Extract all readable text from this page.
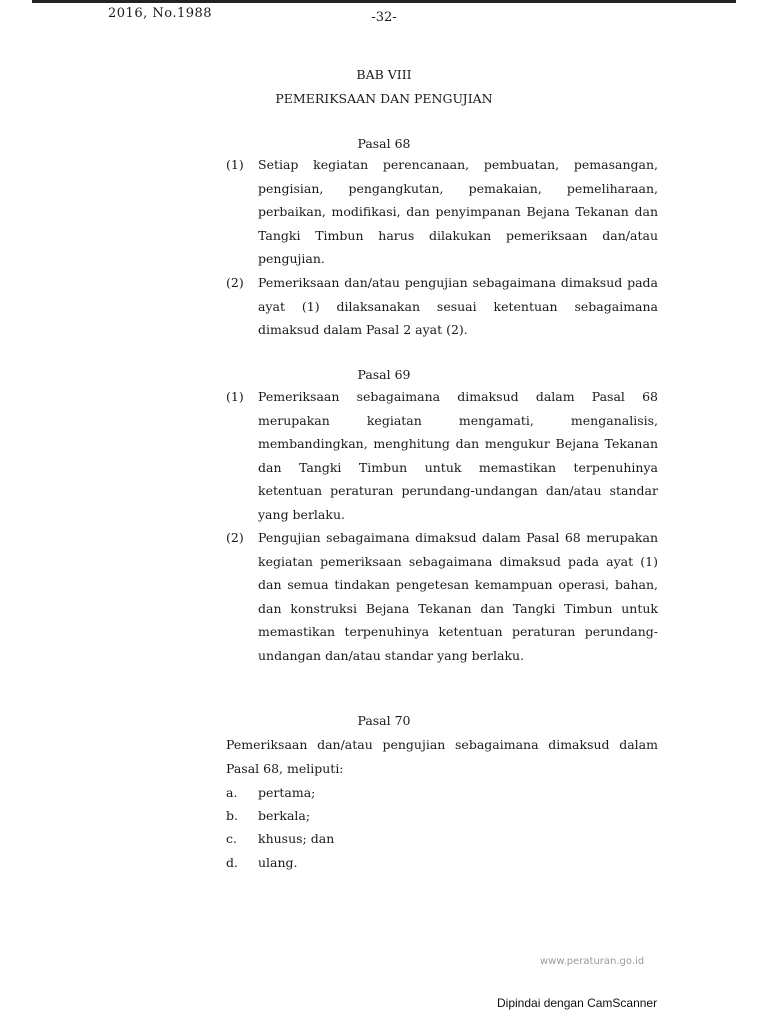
2016, No.1988	-32-
BAB VIII
PEMERIKSAAN DAN PENGUJIAN
Pasal 68
(1) Setiap kegiatan perencanaan, pembuatan, pemasangan, pengisian, pengangkutan, pemakaian, pemeliharaan, perbaikan, modifikasi, dan penyimpanan Bejana Tekanan dan Tangki Timbun harus dilakukan pemeriksaan dan/atau pengujian.
(2) Pemeriksaan dan/atau pengujian sebagaimana dimaksud pada ayat (1) dilaksanakan sesuai ketentuan sebagaimana dimaksud dalam Pasal 2 ayat (2).
Pasal 69
(1) Pemeriksaan sebagaimana dimaksud dalam Pasal 68 merupakan kegiatan mengamati, menganalisis, membandingkan, menghitung dan mengukur Bejana Tekanan dan Tangki Timbun untuk memastikan terpenuhinya ketentuan peraturan perundang-undangan dan/atau standar yang berlaku.
(2) Pengujian sebagaimana dimaksud dalam Pasal 68 merupakan kegiatan pemeriksaan sebagaimana dimaksud pada ayat (1) dan semua tindakan pengetesan kemampuan operasi, bahan, dan konstruksi Bejana Tekanan dan Tangki Timbun untuk memastikan terpenuhinya ketentuan peraturan perundang-undangan dan/atau standar yang berlaku.
Pasal 70
Pemeriksaan dan/atau pengujian sebagaimana dimaksud dalam Pasal 68, meliputi:
a. pertama;
b. berkala;
c. khusus; dan
d. ulang.
www.peraturan.go.id
Dipindai dengan CamScanner
